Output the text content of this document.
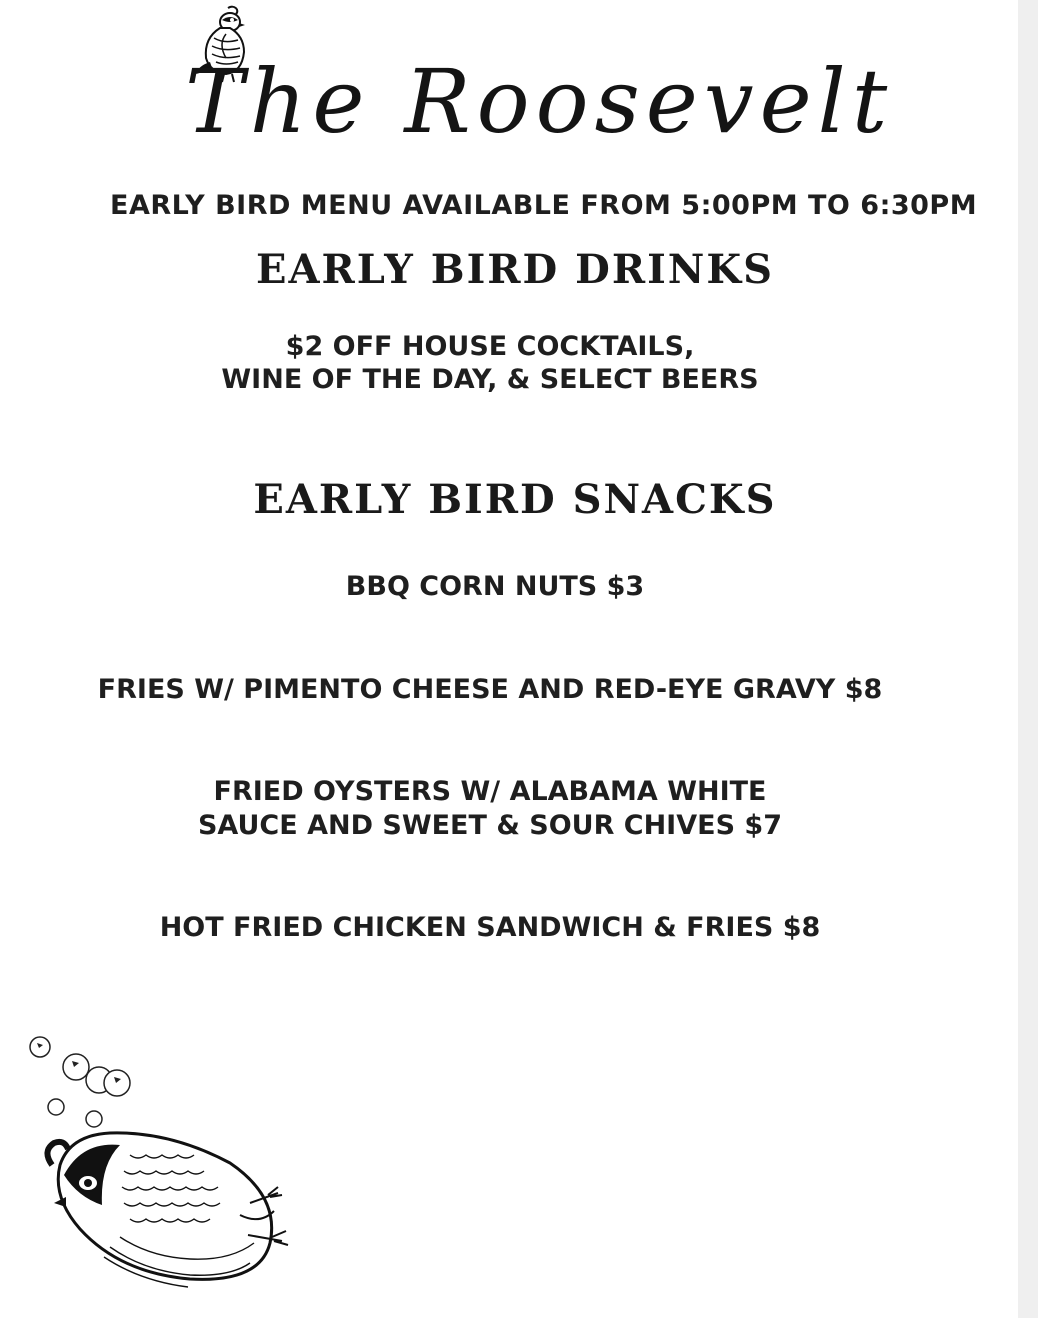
The Roosevelt
EARLY BIRD MENU AVAILABLE FROM 5:00PM TO 6:30PM
EARLY BIRD DRINKS
$2 OFF HOUSE COCKTAILS,
WINE OF THE DAY, & SELECT BEERS
EARLY BIRD SNACKS
BBQ CORN NUTS $3
FRIES W/ PIMENTO CHEESE AND RED-EYE GRAVY $8
FRIED OYSTERS W/ ALABAMA WHITE
SAUCE AND SWEET & SOUR CHIVES $7
HOT FRIED CHICKEN SANDWICH & FRIES $8
